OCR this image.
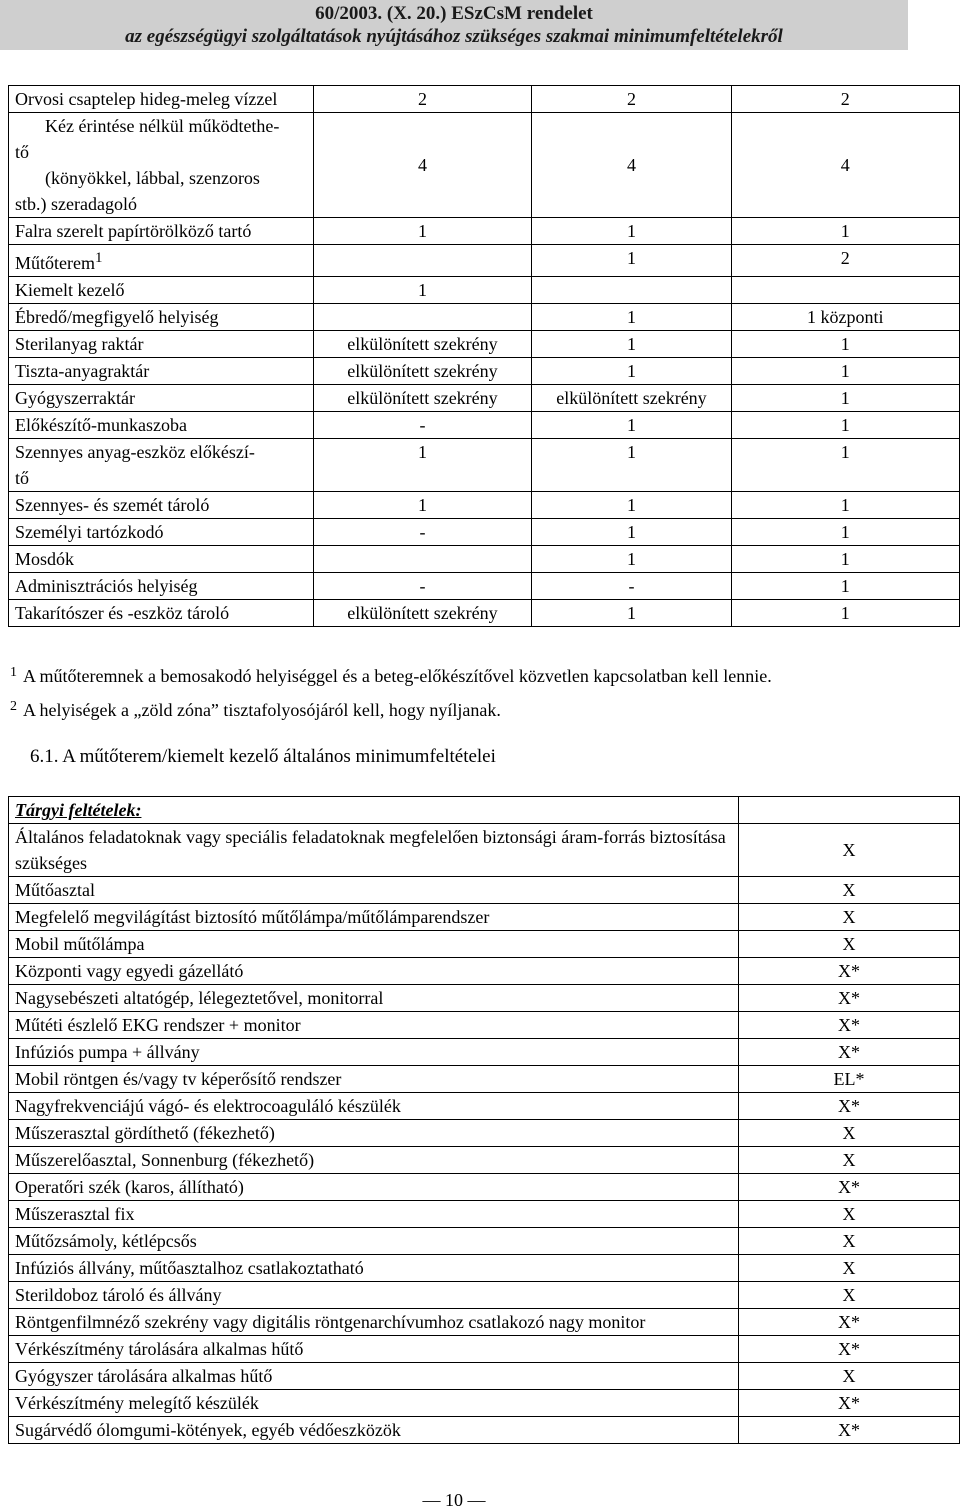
60/2003. (X. 20.) ESzCsM rendelet
az egészségügyi szolgáltatások nyújtásához szükséges szakmai minimumfeltételekről
Orvosi csaptelep hideg-meleg vízzel	2	2	2

Kéz érintése nélkül működtethe-
tő
(könyökkel, lábbal, szenzoros
stb.) szeradagoló	4	4	4
Falra szerelt papírtörölköző tartó	1	1	1
Műtőterem$^1$		1	2
Kiemelt kezelő	1		
Ébredő/megfigyelő helyiség		1	1 központi
Sterilanyag raktár	elkülönített szekrény	1	1
Tiszta-anyagraktár	elkülönített szekrény	1	1
Gyógyszerraktár	elkülönített szekrény	elkülönített szekrény	1
Előkészítő-munkaszoba	-	1	1

Szennyes anyag-eszköz előkészí-
tő	1	1	1
Szennyes- és szemét tároló	1	1	1
Személyi tartózkodó	-	1	1
Mosdók		1	1
Adminisztrációs helyiség	-	-	1
Takarítószer és -eszköz tároló	elkülönített szekrény	1	1
$^1$ A műtőteremnek a bemosakodó helyiséggel és a beteg-előkészítővel közvetlen kapcsolatban kell lennie.
$^2$ A helyiségek a „zöld zóna” tisztafolyosójáról kell, hogy nyíljanak.
6.1. A műtőterem/kiemelt kezelő általános minimumfeltételei
Tárgyi feltételek:	
Általános feladatoknak vagy speciális feladatoknak megfelelően biztonsági áram-forrás biztosítása szükséges	X
Műtőasztal	X
Megfelelő megvilágítást biztosító műtőlámpa/műtőlámparendszer	X
Mobil műtőlámpa	X
Központi vagy egyedi gázellátó	X*
Nagysebészeti altatógép, lélegeztetővel, monitorral	X*
Műtéti észlelő EKG rendszer + monitor	X*
Infúziós pumpa + állvány	X*
Mobil röntgen és/vagy tv képerősítő rendszer	EL*
Nagyfrekvenciájú vágó- és elektrocoaguláló készülék	X*
Műszerasztal gördíthető (fékezhető)	X
Műszerelőasztal, Sonnenburg (fékezhető)	X
Operatőri szék (karos, állítható)	X*
Műszerasztal fix	X
Műtőzsámoly, kétlépcsős	X
Infúziós állvány, műtőasztalhoz csatlakoztatható	X
Sterildoboz tároló és állvány	X
Röntgenfilmnéző szekrény vagy digitális röntgenarchívumhoz csatlakozó nagy monitor	X*
Vérkészítmény tárolására alkalmas hűtő	X*
Gyógyszer tárolására alkalmas hűtő	X
Vérkészítmény melegítő készülék	X*
Sugárvédő ólomgumi-kötények, egyéb védőeszközök	X*
— 10 —
